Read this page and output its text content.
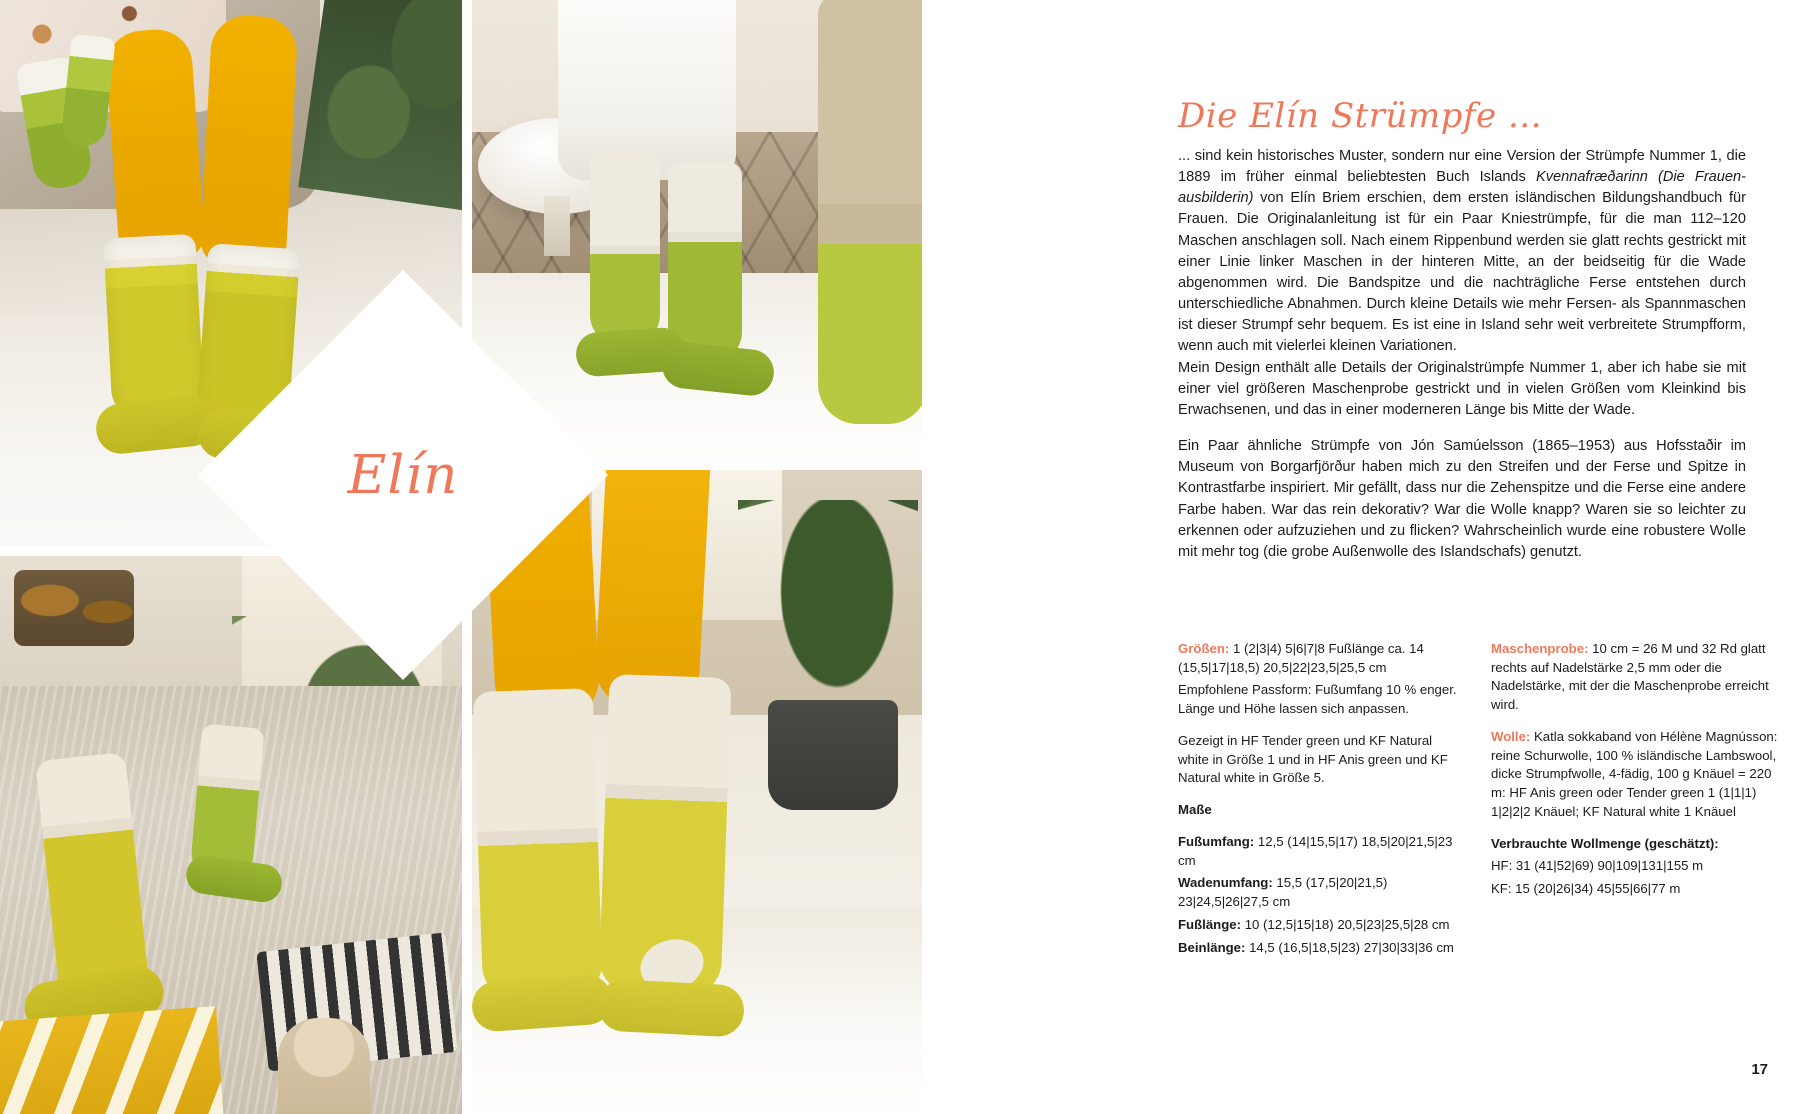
Elín
Die Elín Strümpfe ...

... sind kein historisches Muster, sondern nur eine Version der Strümpfe Nummer 1, die 1889 im früher einmal beliebtesten Buch Islands Kvennafræðarinn (Die Frauen-ausbilderin) von Elín Briem erschien, dem ersten isländischen Bildungshandbuch für Frauen. Die Originalanleitung ist für ein Paar Kniestrümpfe, für die man 112–120 Maschen anschlagen soll. Nach einem Rippenbund werden sie glatt rechts gestrickt mit einer Linie linker Maschen in der hinteren Mitte, an der beidseitig für die Wade abgenommen wird. Die Bandspitze und die nachträgliche Ferse entstehen durch unterschiedliche Abnahmen. Durch kleine Details wie mehr Fersen- als Spannmaschen ist dieser Strumpf sehr bequem. Es ist eine in Island sehr weit verbreitete Strumpfform, wenn auch mit vielerlei kleinen Variationen.

Mein Design enthält alle Details der Originalstrümpfe Nummer 1, aber ich habe sie mit einer viel größeren Maschenprobe gestrickt und in vielen Größen vom Kleinkind bis Erwachsenen, und das in einer moderneren Länge bis Mitte der Wade.

Ein Paar ähnliche Strümpfe von Jón Samúelsson (1865–1953) aus Hofsstaðir im Museum von Borgarfjörður haben mich zu den Streifen und der Ferse und Spitze in Kontrastfarbe inspiriert. Mir gefällt, dass nur die Zehenspitze und die Ferse eine andere Farbe haben. War das rein dekorativ? War die Wolle knapp? Waren sie so leichter zu erkennen oder aufzuziehen und zu flicken? Wahrscheinlich wurde eine robustere Wolle mit mehr tog (die grobe Außenwolle des Islandschafs) genutzt.

Größen: 1 (2|3|4) 5|6|7|8 Fußlänge ca. 14 (15,5|17|18,5) 20,5|22|23,5|25,5 cm

Empfohlene Passform: Fußumfang 10 % enger. Länge und Höhe lassen sich anpassen.

Gezeigt in HF Tender green und KF Natural white in Größe 1 und in HF Anis green und KF Natural white in Größe 5.

Maße

Fußumfang: 12,5 (14|15,5|17) 18,5|20|21,5|23 cm

Wadenumfang: 15,5 (17,5|20|21,5) 23|24,5|26|27,5 cm

Fußlänge: 10 (12,5|15|18) 20,5|23|25,5|28 cm

Beinlänge: 14,5 (16,5|18,5|23) 27|30|33|36 cm

Maschenprobe: 10 cm = 26 M und 32 Rd glatt rechts auf Nadelstärke 2,5 mm oder die Nadelstärke, mit der die Maschenprobe erreicht wird.

Wolle: Katla sokkaband von Hélène Magnússon: reine Schurwolle, 100 % isländische Lambswool, dicke Strumpfwolle, 4-fädig, 100 g Knäuel = 220 m: HF Anis green oder Tender green 1 (1|1|1) 1|2|2|2 Knäuel; KF Natural white 1 Knäuel

Verbrauchte Wollmenge (geschätzt):

HF: 31 (41|52|69) 90|109|131|155 m

KF: 15 (20|26|34) 45|55|66|77 m

17
